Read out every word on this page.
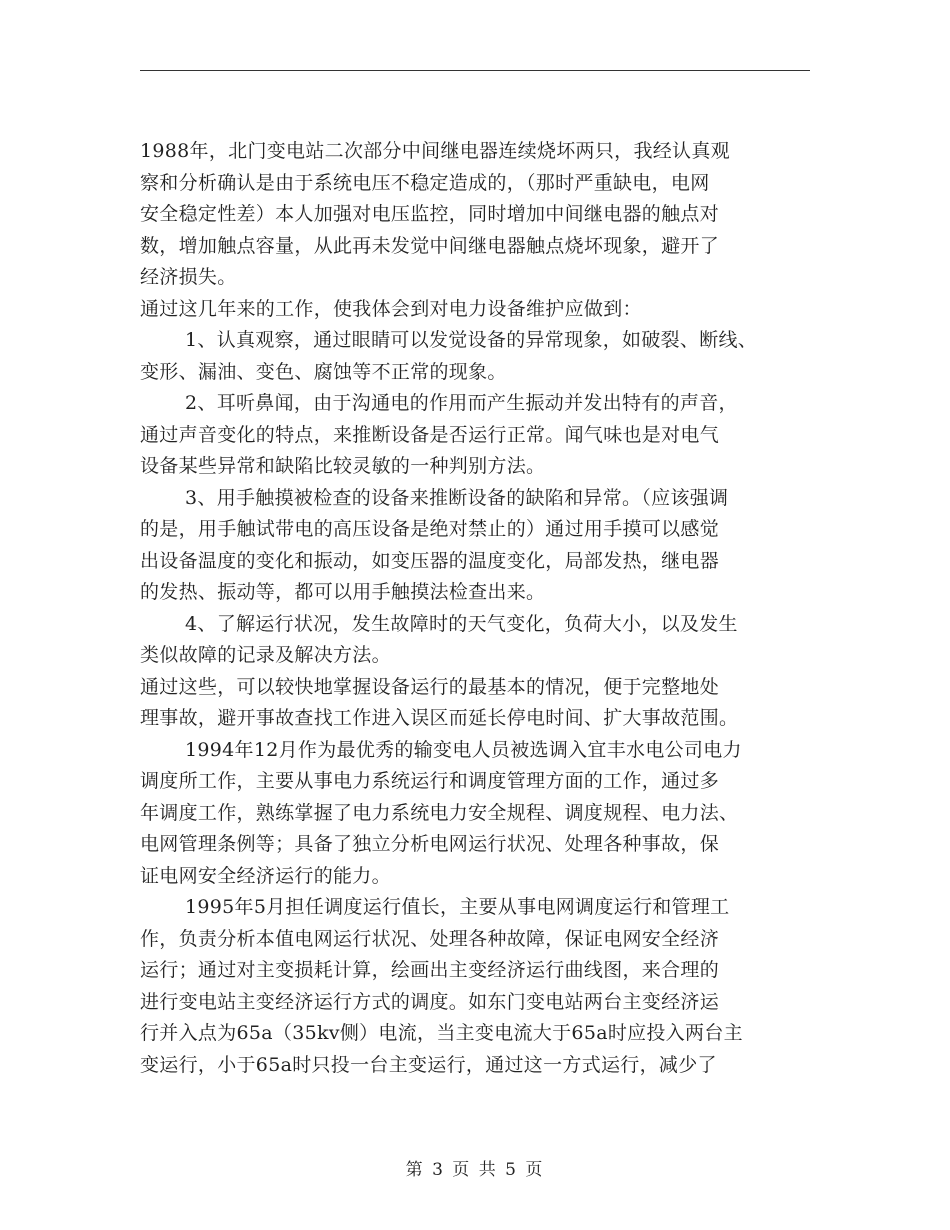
1988年，北门变电站二次部分中间继电器连续烧坏两只，我经认真观
察和分析确认是由于系统电压不稳定造成的，（那时严重缺电，电网
安全稳定性差）本人加强对电压监控，同时增加中间继电器的触点对
数，增加触点容量，从此再未发觉中间继电器触点烧坏现象，避开了
经济损失。
通过这几年来的工作，使我体会到对电力设备维护应做到：
1、认真观察，通过眼睛可以发觉设备的异常现象，如破裂、断线、
变形、漏油、变色、腐蚀等不正常的现象。
2、耳听鼻闻，由于沟通电的作用而产生振动并发出特有的声音，
通过声音变化的特点，来推断设备是否运行正常。闻气味也是对电气
设备某些异常和缺陷比较灵敏的一种判别方法。
3、用手触摸被检查的设备来推断设备的缺陷和异常。（应该强调
的是，用手触试带电的高压设备是绝对禁止的）通过用手摸可以感觉
出设备温度的变化和振动，如变压器的温度变化，局部发热，继电器
的发热、振动等，都可以用手触摸法检查出来。
4、了解运行状况，发生故障时的天气变化，负荷大小，以及发生
类似故障的记录及解决方法。
通过这些，可以较快地掌握设备运行的最基本的情况，便于完整地处
理事故，避开事故查找工作进入误区而延长停电时间、扩大事故范围。
1994年12月作为最优秀的输变电人员被选调入宜丰水电公司电力
调度所工作，主要从事电力系统运行和调度管理方面的工作，通过多
年调度工作，熟练掌握了电力系统电力安全规程、调度规程、电力法、
电网管理条例等；具备了独立分析电网运行状况、处理各种事故，保
证电网安全经济运行的能力。
1995年5月担任调度运行值长，主要从事电网调度运行和管理工
作，负责分析本值电网运行状况、处理各种故障，保证电网安全经济
运行；通过对主变损耗计算，绘画出主变经济运行曲线图，来合理的
进行变电站主变经济运行方式的调度。如东门变电站两台主变经济运
行并入点为65a（35kv侧）电流，当主变电流大于65a时应投入两台主
变运行，小于65a时只投一台主变运行，通过这一方式运行，减少了
第 3 页 共 5 页
